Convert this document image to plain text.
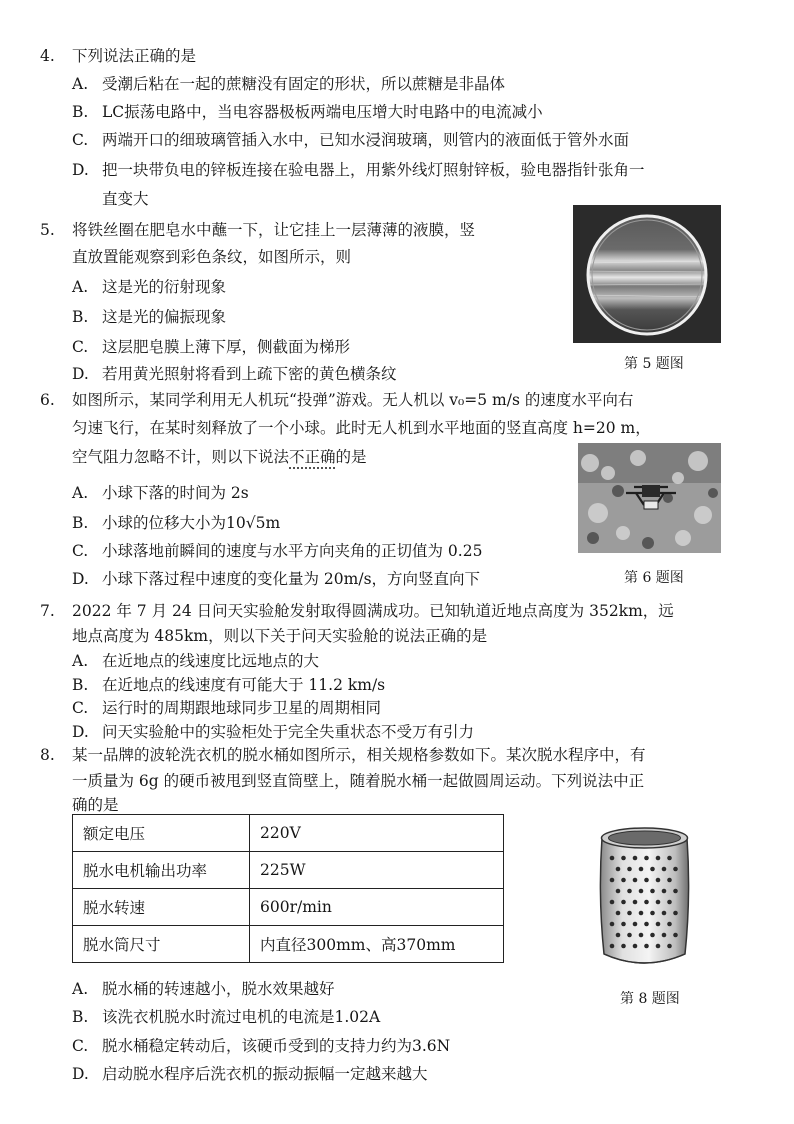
4. 下列说法正确的是
A. 受潮后粘在一起的蔗糖没有固定的形状，所以蔗糖是非晶体
B. LC振荡电路中，当电容器极板两端电压增大时电路中的电流减小
C. 两端开口的细玻璃管插入水中，已知水浸润玻璃，则管内的液面低于管外水面
D. 把一块带负电的锌板连接在验电器上，用紫外线灯照射锌板，验电器指针张角一
直变大
5. 将铁丝圈在肥皂水中蘸一下，让它挂上一层薄薄的液膜，竖
直放置能观察到彩色条纹，如图所示，则
A. 这是光的衍射现象
B. 这是光的偏振现象
C. 这层肥皂膜上薄下厚，侧截面为梯形
D. 若用黄光照射将看到上疏下密的黄色横条纹
第 5 题图
6. 如图所示，某同学利用无人机玩“投弹”游戏。无人机以 v₀=5 m/s 的速度水平向右
匀速飞行，在某时刻释放了一个小球。此时无人机到水平地面的竖直高度 h=20 m，
空气阻力忽略不计，则以下说法不正确的是
A. 小球下落的时间为 2s
B. 小球的位移大小为10√5m
C. 小球落地前瞬间的速度与水平方向夹角的正切值为 0.25
D. 小球下落过程中速度的变化量为 20m/s，方向竖直向下	第 6 题图
7. 2022 年 7 月 24 日问天实验舱发射取得圆满成功。已知轨道近地点高度为 352km，远
地点高度为 485km，则以下关于问天实验舱的说法正确的是
A. 在近地点的线速度比远地点的大
B. 在近地点的线速度有可能大于 11.2 km/s
C. 运行时的周期跟地球同步卫星的周期相同
D. 问天实验舱中的实验柜处于完全失重状态不受万有引力
8. 某一品牌的波轮洗衣机的脱水桶如图所示，相关规格参数如下。某次脱水程序中，有
一质量为 6g 的硬币被甩到竖直筒壁上，随着脱水桶一起做圆周运动。下列说法中正
确的是
额定电压	220V
脱水电机输出功率	225W
脱水转速	600r/min
脱水筒尺寸	内直径300mm、高370mm
A. 脱水桶的转速越小，脱水效果越好
B. 该洗衣机脱水时流过电机的电流是1.02A
C. 脱水桶稳定转动后，该硬币受到的支持力约为3.6N
D. 启动脱水程序后洗衣机的振动振幅一定越来越大
第 8 题图
